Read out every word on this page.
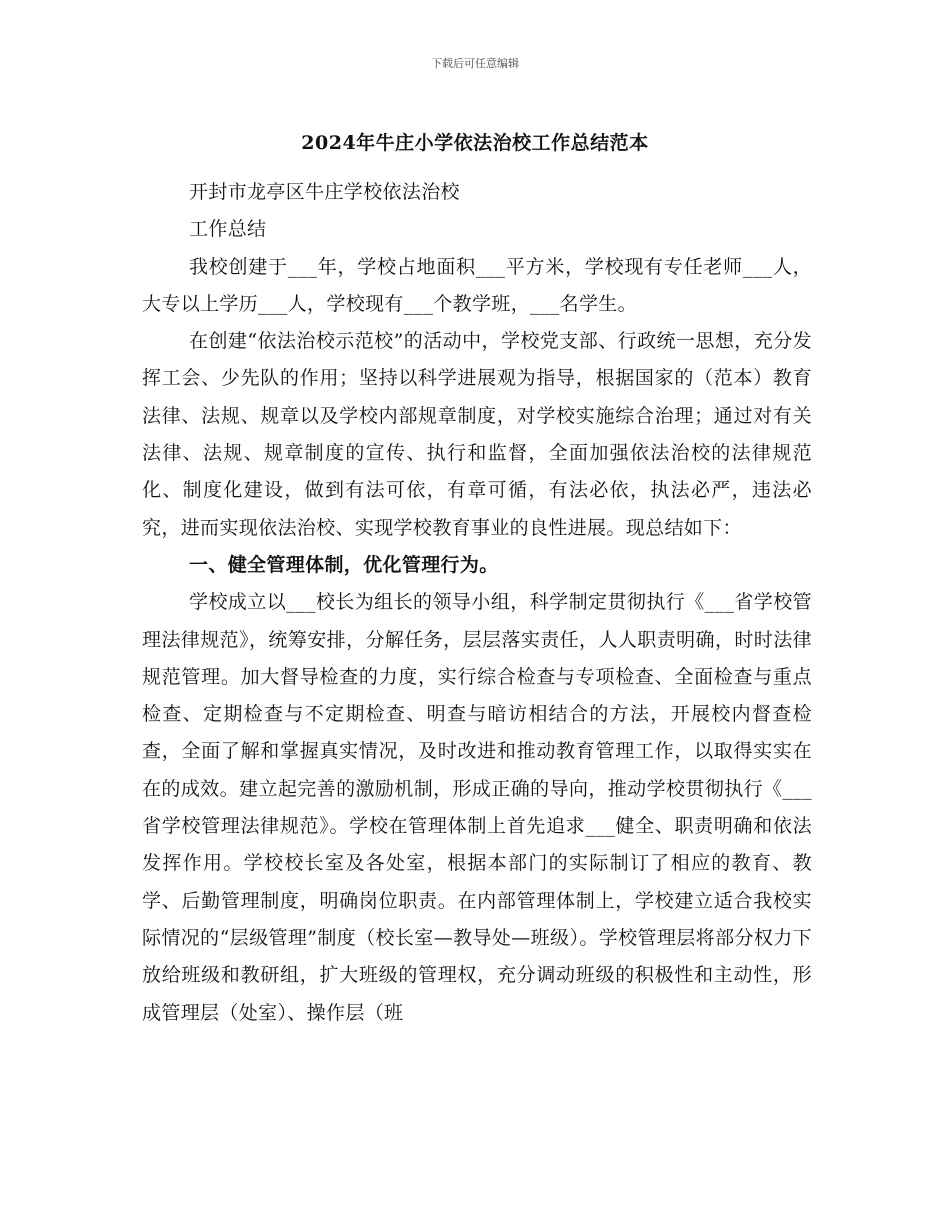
下载后可任意编辑
2024年牛庄小学依法治校工作总结范本

开封市龙亭区牛庄学校依法治校

工作总结

我校创建于___年，学校占地面积___平方米，学校现有专任老师___人，大专以上学历___人，学校现有___个教学班，___名学生。

在创建“依法治校示范校”的活动中，学校党支部、行政统一思想，充分发挥工会、少先队的作用；坚持以科学进展观为指导，根据国家的（范本）教育法律、法规、规章以及学校内部规章制度，对学校实施综合治理；通过对有关法律、法规、规章制度的宣传、执行和监督，全面加强依法治校的法律规范化、制度化建设，做到有法可依，有章可循，有法必依，执法必严，违法必究，进而实现依法治校、实现学校教育事业的良性进展。现总结如下：

一、健全管理体制，优化管理行为。

学校成立以___校长为组长的领导小组，科学制定贯彻执行《___省学校管理法律规范》，统筹安排，分解任务，层层落实责任，人人职责明确，时时法律规范管理。加大督导检查的力度，实行综合检查与专项检查、全面检查与重点检查、定期检查与不定期检查、明查与暗访相结合的方法，开展校内督查检查，全面了解和掌握真实情况，及时改进和推动教育管理工作，以取得实实在在的成效。建立起完善的激励机制，形成正确的导向，推动学校贯彻执行《___省学校管理法律规范》。学校在管理体制上首先追求___健全、职责明确和依法发挥作用。学校校长室及各处室，根据本部门的实际制订了相应的教育、教学、后勤管理制度，明确岗位职责。在内部管理体制上，学校建立适合我校实际情况的“层级管理”制度（校长室—教导处—班级）。学校管理层将部分权力下放给班级和教研组，扩大班级的管理权，充分调动班级的积极性和主动性，形成管理层（处室）、操作层（班
